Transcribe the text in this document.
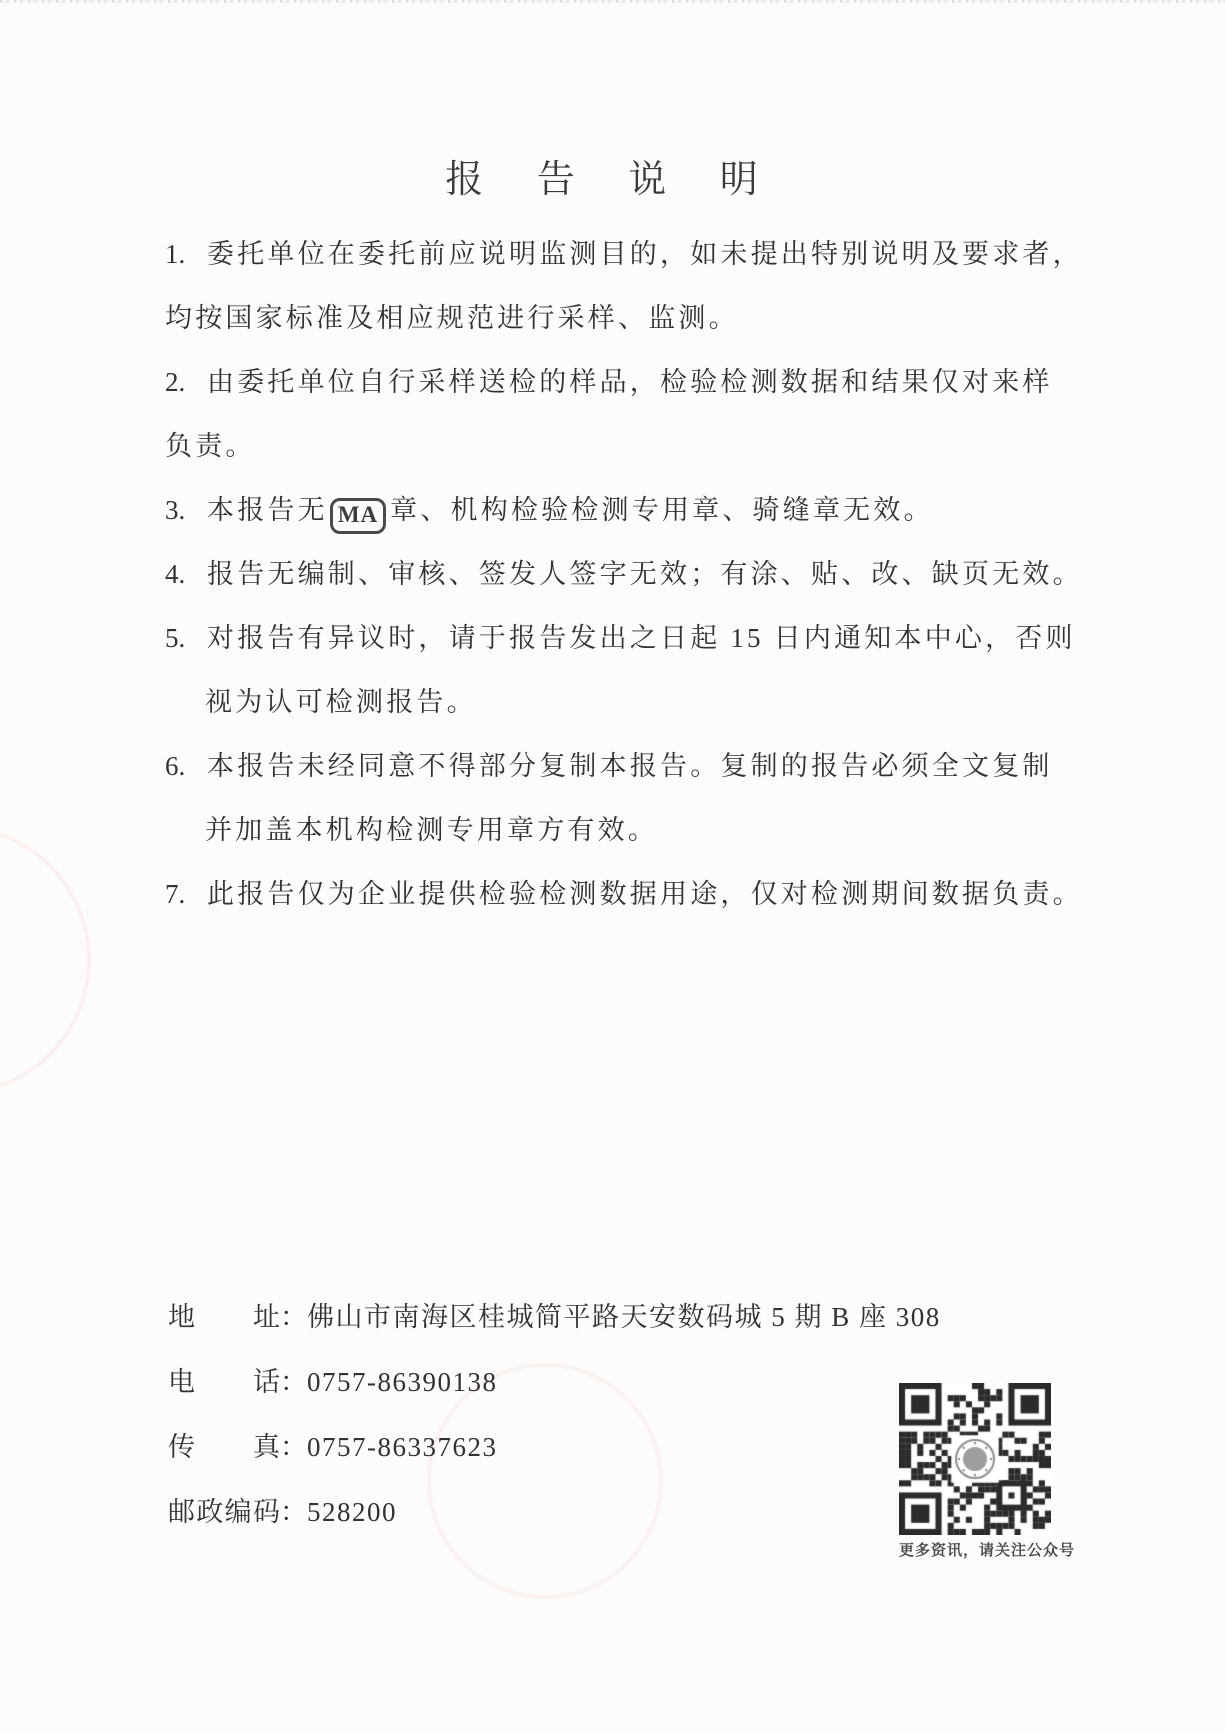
报 告 说 明
1. 委托单位在委托前应说明监测目的，如未提出特别说明及要求者，
均按国家标准及相应规范进行采样、监测。
2. 由委托单位自行采样送检的样品，检验检测数据和结果仅对来样
负责。
3. 本报告无 MA 章、机构检验检测专用章、骑缝章无效。
4. 报告无编制、审核、签发人签字无效；有涂、贴、改、缺页无效。
5. 对报告有异议时，请于报告发出之日起 15 日内通知本中心，否则
视为认可检测报告。
6. 本报告未经同意不得部分复制本报告。复制的报告必须全文复制
并加盖本机构检测专用章方有效。
7. 此报告仅为企业提供检验检测数据用途，仅对检测期间数据负责。
地址：佛山市南海区桂城简平路天安数码城 5 期 B 座 308
电话：0757-86390138
传真：0757-86337623
邮政编码：528200
更多资讯，请关注公众号
